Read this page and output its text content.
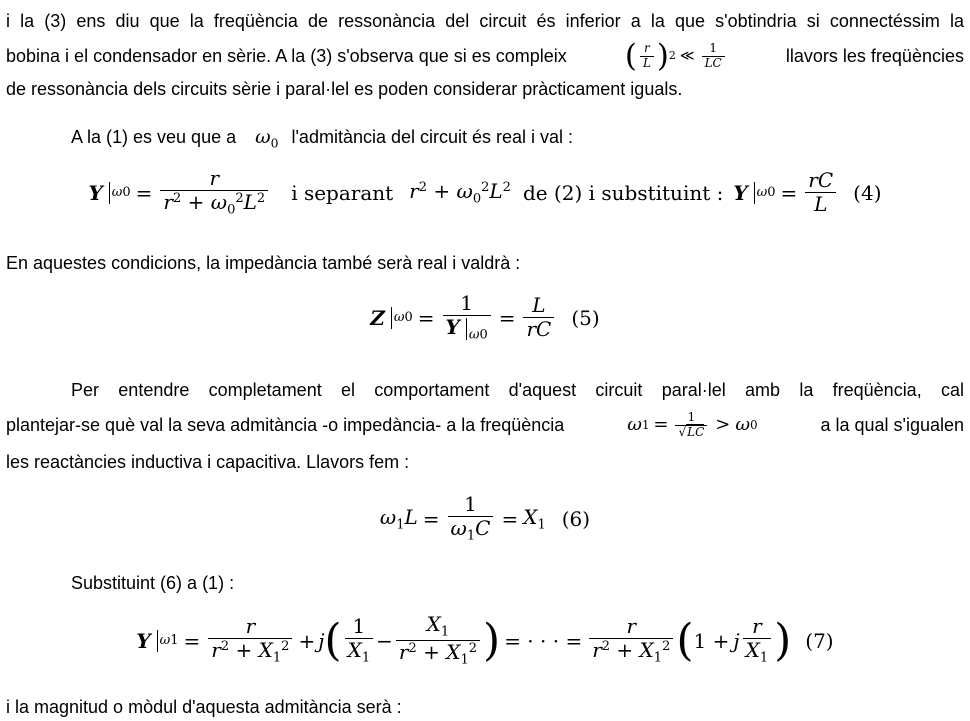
i la (3) ens diu que la freqüència de ressonància del circuit és inferior a la que s'obtindria si connectéssim la
bobina i el condensador en sèrie. A la (3) s'observa que si es compleix ( $\frac{r}{L}$ ) 2 ≪ $\frac{1}{LC}$	llavors les freqüències
de ressonància dels circuits sèrie i paral·lel es poden considerar pràcticament iguals.
A la (1) es veu que a $\omega_0$ l'admitància del circuit és real i val :
Y $\omega 0 = \frac{r}{r^2 + \omega_0^2L^2}$ i separant $r^2 + \omega_0^2L^2$ de (2) i substituint : Y $\omega 0 = \frac{rC}{L} (4)$
En aquestes condicions, la impedància també serà real i valdrà :
Z $\omega 0 = \frac{1}{Y _{\omega 0}} = \frac{L}{rC} (5)$
Per entendre completament el comportament d'aquest circuit paral·lel amb la freqüència, cal
plantejar-se què val la seva admitància -o impedància- a la freqüència	ω $1 = \frac{1}{√LC} > \omega$ 0	a la qual s'igualen
les reactàncies inductiva i capacitiva. Llavors fem :
$\omega_1L = \frac{1}{\omega_1C} = X_1$ (6)
Substituint (6) a (1) :
Y $\omega 1 = \frac{r}{r^2 + X_1^2} + j$ ( $\frac{1}{X_1} - \frac{X_1}{r^2 + X_1^2}$ ) = · · · = $\frac{r}{r^2 + X_1^2}$ ( 1 + j $\frac{r}{X_1}$ ) (7)
i la magnitud o mòdul d'aquesta admitància serà :
